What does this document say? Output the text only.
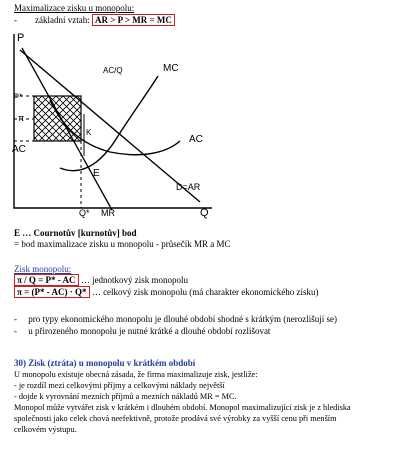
Maximalizace zisku u monopolu:
- základní vztah: AR > P > MR = MC
P
Q
P*
π
AC
MC
AC
D=AR
MR
Q*
E
K
AC/Q
E … Cournotův [kurnotův] bod
= bod maximalizace zisku u monopolu - průsečík MR a MC
Zisk monopolu:
π / Q = P* - AC … jednotkový zisk monopolu
π = (P* - AC) · Q* … celkový zisk monopolu (má charakter ekonomického zisku)
-     pro typy ekonomického monopolu je dlouhé období shodné s krátkým (nerozlišují se)
-     u přirozeného monopolu je nutné krátké a dlouhé období rozlišovat
30) Zisk (ztráta) u monopolu v krátkém období
U monopolu existuje obecná zásada, že firma maximalizuje zisk, jestliže:
- je rozdíl mezi celkovými příjmy a celkovými náklady největší
- dojde k vyrovnání mezních příjmů a mezních nákladů MR = MC.
Monopol může vytvářet zisk v krátkém i dlouhém období. Monopol maximalizující zisk je z hlediska
společnosti jako celek chová neefektivně, protože prodává své výrobky za vyšší cenu při menším
celkovém výstupu.
